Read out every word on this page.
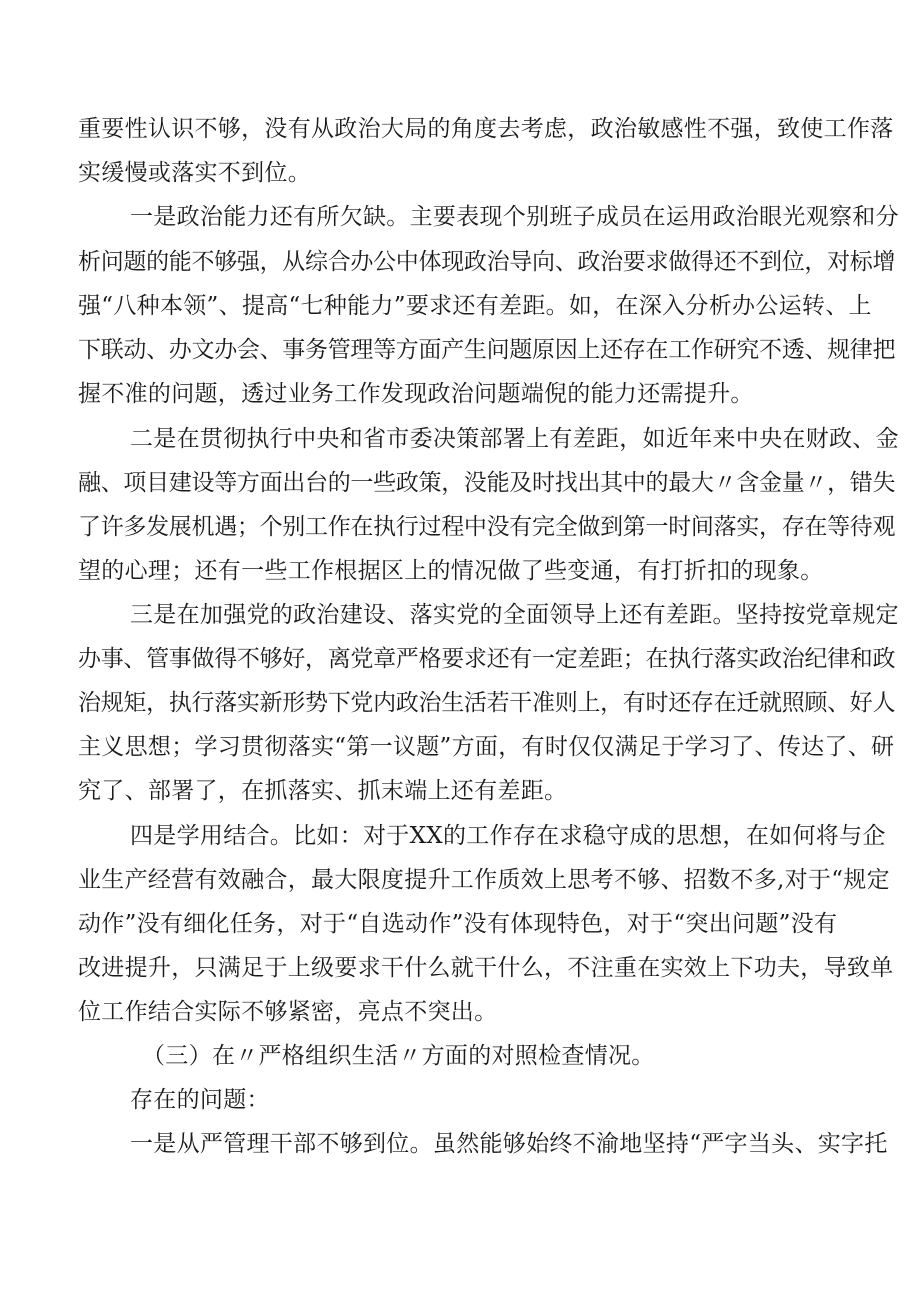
重要性认识不够，没有从政治大局的角度去考虑，政治敏感性不强，致使工作落
实缓慢或落实不到位。
一是政治能力还有所欠缺。主要表现个别班子成员在运用政治眼光观察和分
析问题的能不够强，从综合办公中体现政治导向、政治要求做得还不到位，对标增
强“八种本领”、提高“七种能力”要求还有差距。如，在深入分析办公运转、上
下联动、办文办会、事务管理等方面产生问题原因上还存在工作研究不透、规律把
握不准的问题，透过业务工作发现政治问题端倪的能力还需提升。
二是在贯彻执行中央和省市委决策部署上有差距，如近年来中央在财政、金
融、项目建设等方面出台的一些政策，没能及时找出其中的最大〃含金量〃，错失
了许多发展机遇；个别工作在执行过程中没有完全做到第一时间落实，存在等待观
望的心理；还有一些工作根据区上的情况做了些变通，有打折扣的现象。
三是在加强党的政治建设、落实党的全面领导上还有差距。坚持按党章规定
办事、管事做得不够好，离党章严格要求还有一定差距；在执行落实政治纪律和政
治规矩，执行落实新形势下党内政治生活若干准则上，有时还存在迁就照顾、好人
主义思想；学习贯彻落实“第一议题”方面，有时仅仅满足于学习了、传达了、研
究了、部署了，在抓落实、抓末端上还有差距。
四是学用结合。比如：对于XX的工作存在求稳守成的思想，在如何将与企
业生产经营有效融合，最大限度提升工作质效上思考不够、招数不多,对于“规定
动作”没有细化任务，对于“自选动作”没有体现特色，对于“突出问题”没有
改进提升，只满足于上级要求干什么就干什么，不注重在实效上下功夫，导致单
位工作结合实际不够紧密，亮点不突出。
（三）在〃严格组织生活〃方面的对照检查情况。
存在的问题：
一是从严管理干部不够到位。虽然能够始终不渝地坚持“严字当头、实字托
